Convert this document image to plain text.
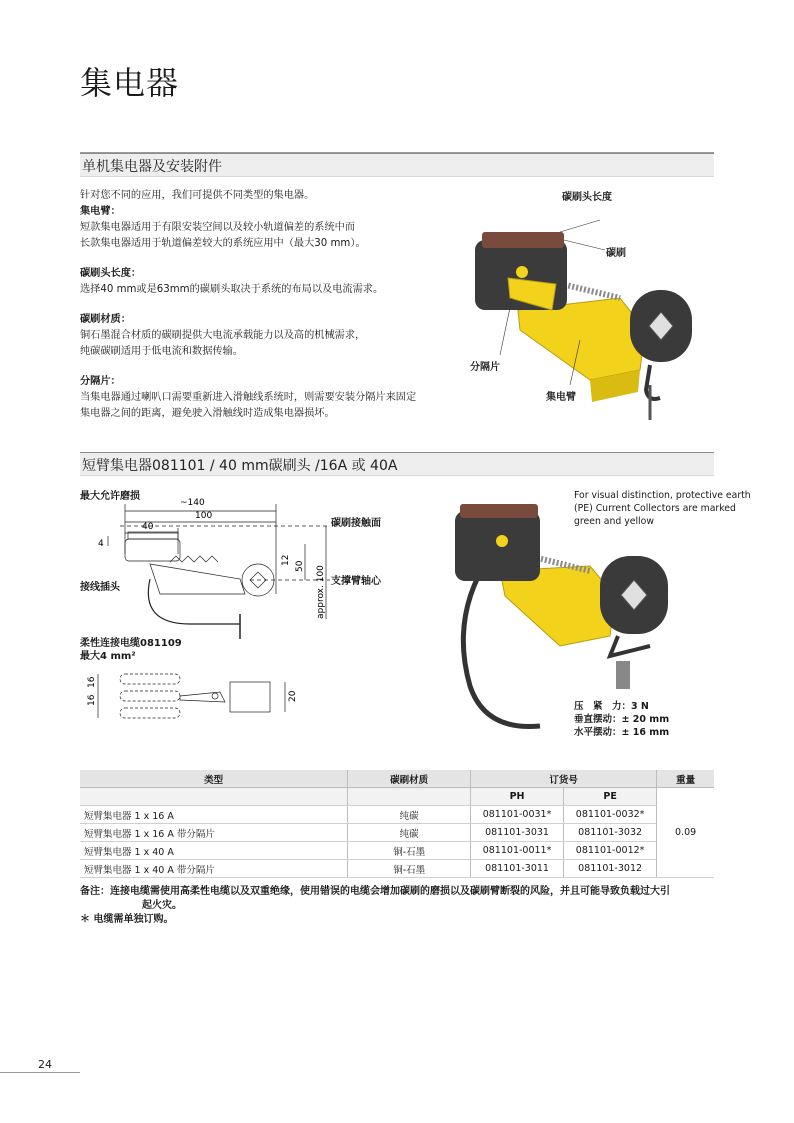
集电器
单机集电器及安装附件

针对您不同的应用，我们可提供不同类型的集电器。

集电臂：

短款集电器适用于有限安装空间以及较小轨道偏差的系统中而

长款集电器适用于轨道偏差较大的系统应用中（最大30 mm）。

碳刷头长度：

选择40 mm或是63mm的碳刷头取决于系统的布局以及电流需求。

碳刷材质：

铜石墨混合材质的碳刷提供大电流承载能力以及高的机械需求，

纯碳碳刷适用于低电流和数据传输。

分隔片：

当集电器通过喇叭口需要重新进入滑触线系统时，则需要安装分隔片来固定

集电器之间的距离，避免驶入滑触线时造成集电器损坏。

碳刷头长度
碳刷
分隔片
集电臂
短臂集电器081101 / 40 mm碳刷头 /16A 或 40A
~140
100
40
4
12
50 approx. 100
16
16
20
最大允许磨损
碳刷接触面
支撑臂轴心
接线插头
柔性连接电缆081109
最大4 mm²
For visual distinction, protective earth
(PE) Current Collectors are marked
green and yellow
压　紧　力：3 N
垂直摆动：± 20 mm
水平摆动：± 16 mm
类型	碳刷材质	订货号		重量
		PH	PE	0.09
短臂集电器 1 x 16 A	纯碳	081101-0031*	081101-0032*	
短臂集电器 1 x 16 A 带分隔片	纯碳	081101-3031	081101-3032	
短臂集电器 1 x 40 A	铜-石墨	081101-0011*	081101-0012*	
短臂集电器 1 x 40 A 带分隔片	铜-石墨	081101-3011	081101-3012	
备注：连接电缆需使用高柔性电缆以及双重绝缘，使用错误的电缆会增加碳刷的磨损以及碳刷臂断裂的风险，并且可能导致负载过大引
起火灾。
＊ 电缆需单独订购。
24
